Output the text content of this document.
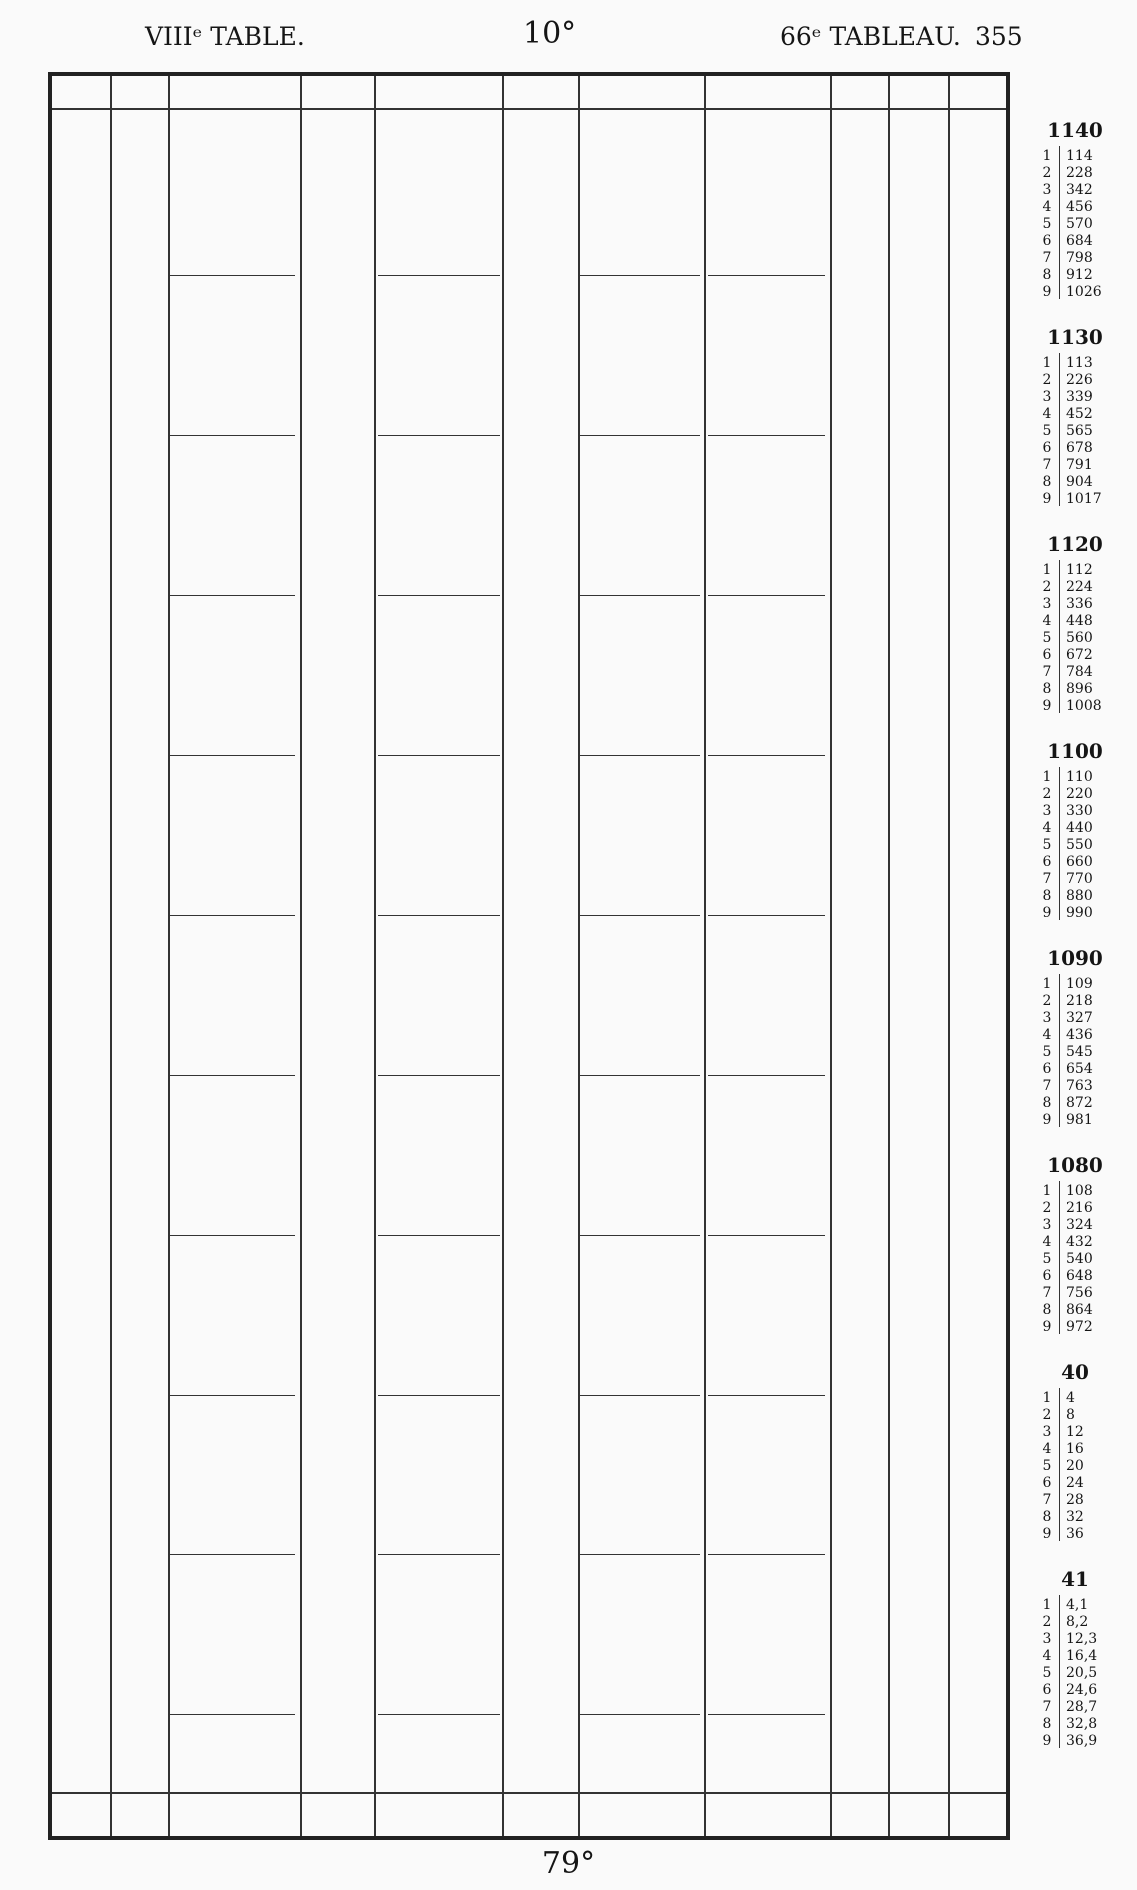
VIIIᵉ TABLE.	10°	66ᵉ TABLEAU. 355
1140
1	114
2	228
3	342
4	456
5	570
6	684
7	798
8	912
9	1026
1130
1	113
2	226
3	339
4	452
5	565
6	678
7	791
8	904
9	1017
1120
1	112
2	224
3	336
4	448
5	560
6	672
7	784
8	896
9	1008
1100
1	110
2	220
3	330
4	440
5	550
6	660
7	770
8	880
9	990
1090
1	109
2	218
3	327
4	436
5	545
6	654
7	763
8	872
9	981
1080
1	108
2	216
3	324
4	432
5	540
6	648
7	756
8	864
9	972
40
1	4
2	8
3	12
4	16
5	20
6	24
7	28
8	32
9	36
41
1	4,1
2	8,2
3	12,3
4	16,4
5	20,5
6	24,6
7	28,7
8	32,8
9	36,9
79°
